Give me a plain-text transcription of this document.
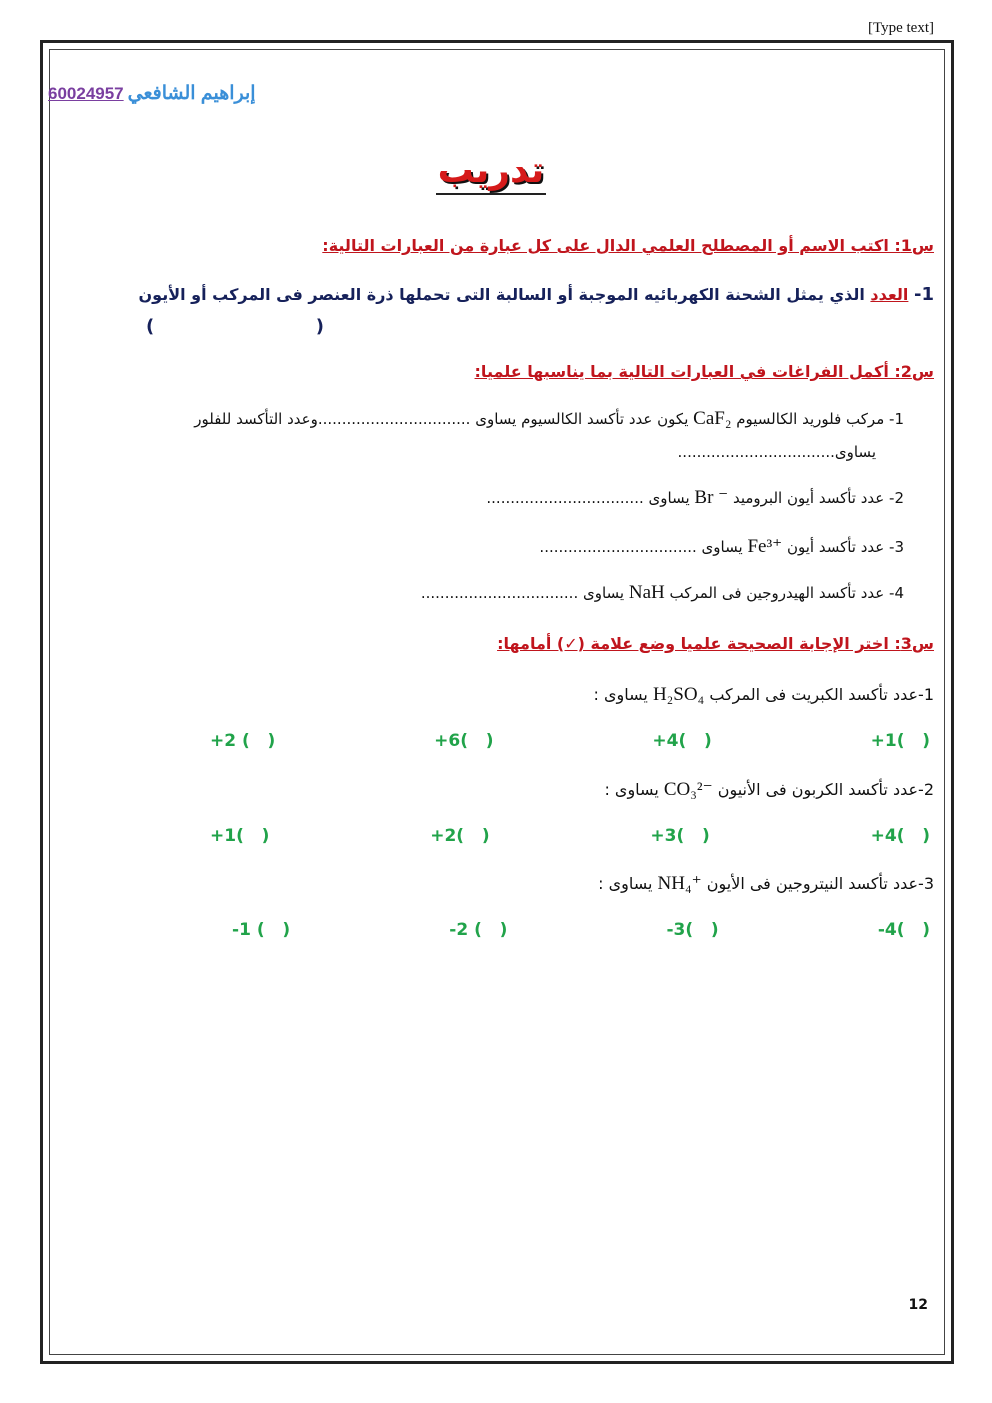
[Type text]
60024957 إبراهيم الشافعي
تدريب
س1: اكتب الاسم أو المصطلح العلمي الدال على كل عبارة من العبارات التالية:
1- العدد الذي يمثل الشحنة الكهربائيه الموجبة أو السالبة التى تحملها ذرة العنصر فى المركب أو الأيون
(	)
س2: أكمل الفراغات في العبارات التالية بما يناسبها علميا:
1- مركب فلوريد الكالسيوم CaF₂ يكون عدد تأكسد الكالسيوم يساوى ................................وعدد التأكسد للفلور
يساوى.................................
2- عدد تأكسد أيون البروميد Br ⁻ يساوى .................................
3- عدد تأكسد أيون Fe³⁺ يساوى .................................
4- عدد تأكسد الهيدروجين فى المركب NaH يساوى .................................
س3: اختر الإجابة الصحيحة علميا وضع علامة (✓) أمامها:
1-عدد تأكسد الكبريت فى المركب H₂SO₄ يساوى :
+1(   )
+4(   )
+6(   )
+2 (   )
2-عدد تأكسد الكربون فى الأنيون CO₃²⁻ يساوى :
+4(   )
+3(   )
+2(   )
+1(   )
3-عدد تأكسد النيتروجين فى الأيون NH₄⁺ يساوى :
-4(   )
-3(   )
-2 (   )
-1 (   )
12
